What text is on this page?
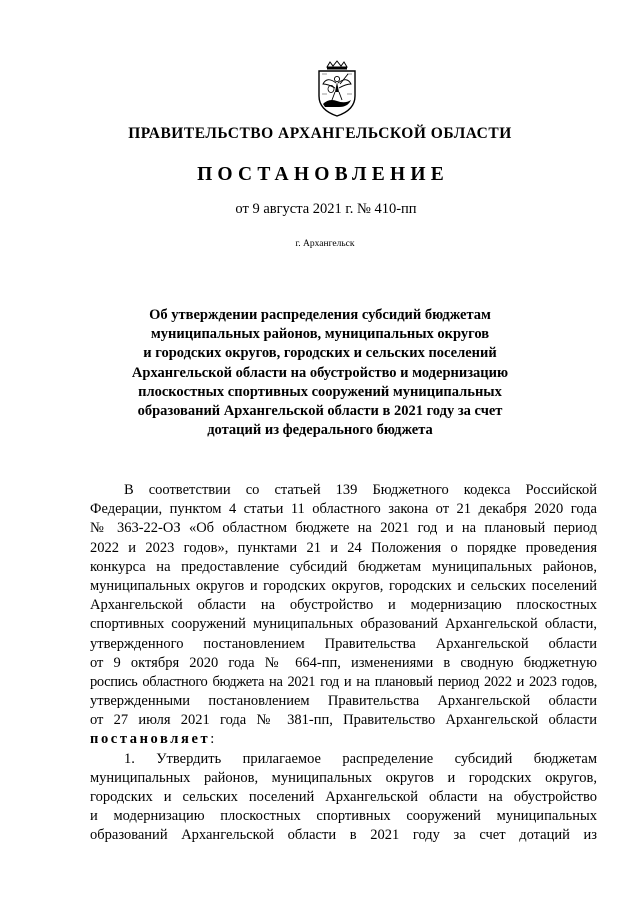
ПРАВИТЕЛЬСТВО АРХАНГЕЛЬСКОЙ ОБЛАСТИ
ПОСТАНОВЛЕНИЕ
от 9 августа 2021 г. № 410-пп
г. Архангельск
Об утверждении распределения субсидий бюджетам
муниципальных районов, муниципальных округов
и городских округов, городских и сельских поселений
Архангельской области на обустройство и модернизацию
плоскостных спортивных сооружений муниципальных
образований Архангельской области в 2021 году за счет
дотаций из федерального бюджета
В соответствии со статьей 139 Бюджетного кодекса Российской
Федерации, пунктом 4 статьи 11 областного закона от 21 декабря 2020 года
№ 363-22-ОЗ «Об областном бюджете на 2021 год и на плановый период
2022 и 2023 годов», пунктами 21 и 24 Положения о порядке проведения
конкурса на предоставление субсидий бюджетам муниципальных районов,
муниципальных округов и городских округов, городских и сельских поселений
Архангельской области на обустройство и модернизацию плоскостных
спортивных сооружений муниципальных образований Архангельской области,
утвержденного постановлением Правительства Архангельской области
от 9 октября 2020 года № 664-пп, изменениями в сводную бюджетную
роспись областного бюджета на 2021 год и на плановый период 2022 и 2023 годов,
утвержденными постановлением Правительства Архангельской области
от 27 июля 2021 года № 381-пп, Правительство Архангельской области
постановляет:
1. Утвердить прилагаемое распределение субсидий бюджетам
муниципальных районов, муниципальных округов и городских округов,
городских и сельских поселений Архангельской области на обустройство
и модернизацию плоскостных спортивных сооружений муниципальных
образований Архангельской области в 2021 году за счет дотаций из
